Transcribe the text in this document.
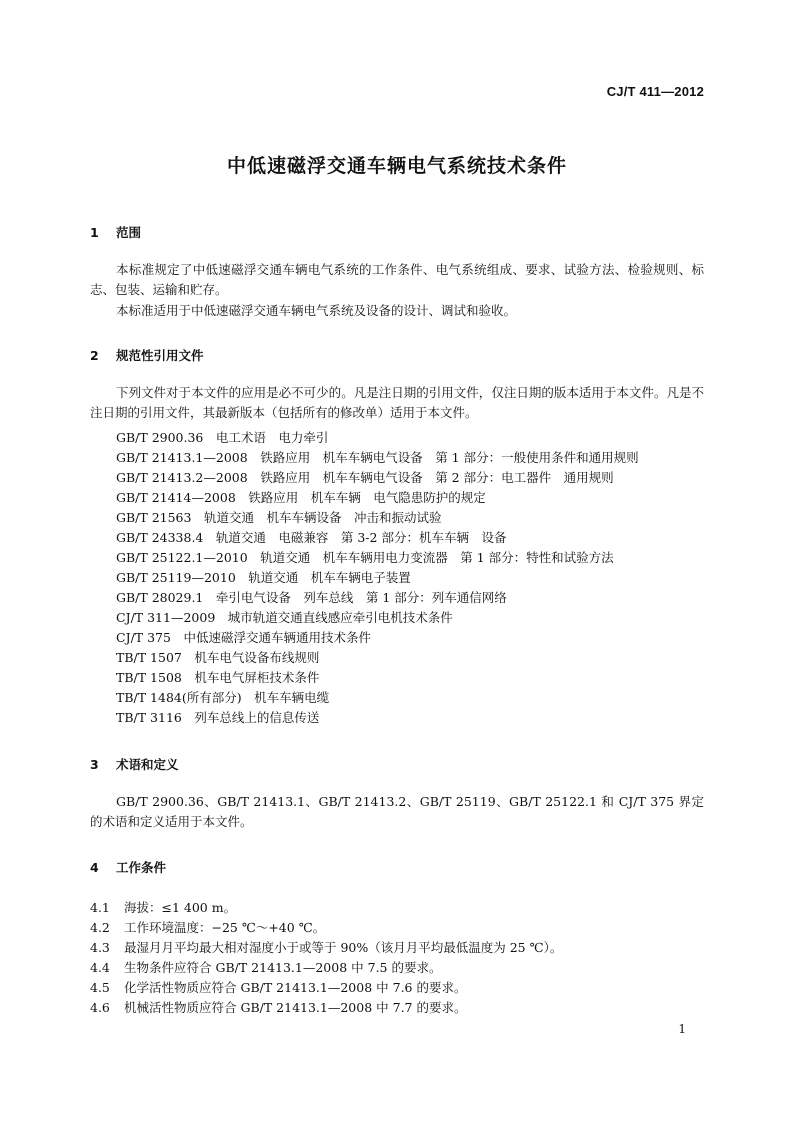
CJ/T 411—2012
中低速磁浮交通车辆电气系统技术条件
1 范围
本标准规定了中低速磁浮交通车辆电气系统的工作条件、电气系统组成、要求、试验方法、检验规则、标志、包装、运输和贮存。
本标准适用于中低速磁浮交通车辆电气系统及设备的设计、调试和验收。
2 规范性引用文件
下列文件对于本文件的应用是必不可少的。凡是注日期的引用文件，仅注日期的版本适用于本文件。凡是不注日期的引用文件，其最新版本（包括所有的修改单）适用于本文件。
GB/T 2900.36　电工术语　电力牵引
GB/T 21413.1—2008　铁路应用　机车车辆电气设备　第 1 部分：一般使用条件和通用规则
GB/T 21413.2—2008　铁路应用　机车车辆电气设备　第 2 部分：电工器件　通用规则
GB/T 21414—2008　铁路应用　机车车辆　电气隐患防护的规定
GB/T 21563　轨道交通　机车车辆设备　冲击和振动试验
GB/T 24338.4　轨道交通　电磁兼容　第 3-2 部分：机车车辆　设备
GB/T 25122.1—2010　轨道交通　机车车辆用电力变流器　第 1 部分：特性和试验方法
GB/T 25119—2010　轨道交通　机车车辆电子装置
GB/T 28029.1　牵引电气设备　列车总线　第 1 部分：列车通信网络
CJ/T 311—2009　城市轨道交通直线感应牵引电机技术条件
CJ/T 375　中低速磁浮交通车辆通用技术条件
TB/T 1507　机车电气设备布线规则
TB/T 1508　机车电气屏柜技术条件
TB/T 1484(所有部分)　机车车辆电缆
TB/T 3116　列车总线上的信息传送
3 术语和定义
GB/T 2900.36、GB/T 21413.1、GB/T 21413.2、GB/T 25119、GB/T 25122.1 和 CJ/T 375 界定的术语和定义适用于本文件。
4 工作条件
4.1 海拔：≤1 400 m。
4.2 工作环境温度：−25 ℃～+40 ℃。
4.3 最湿月月平均最大相对湿度小于或等于 90%（该月月平均最低温度为 25 ℃）。
4.4 生物条件应符合 GB/T 21413.1—2008 中 7.5 的要求。
4.5 化学活性物质应符合 GB/T 21413.1—2008 中 7.6 的要求。
4.6 机械活性物质应符合 GB/T 21413.1—2008 中 7.7 的要求。
1
